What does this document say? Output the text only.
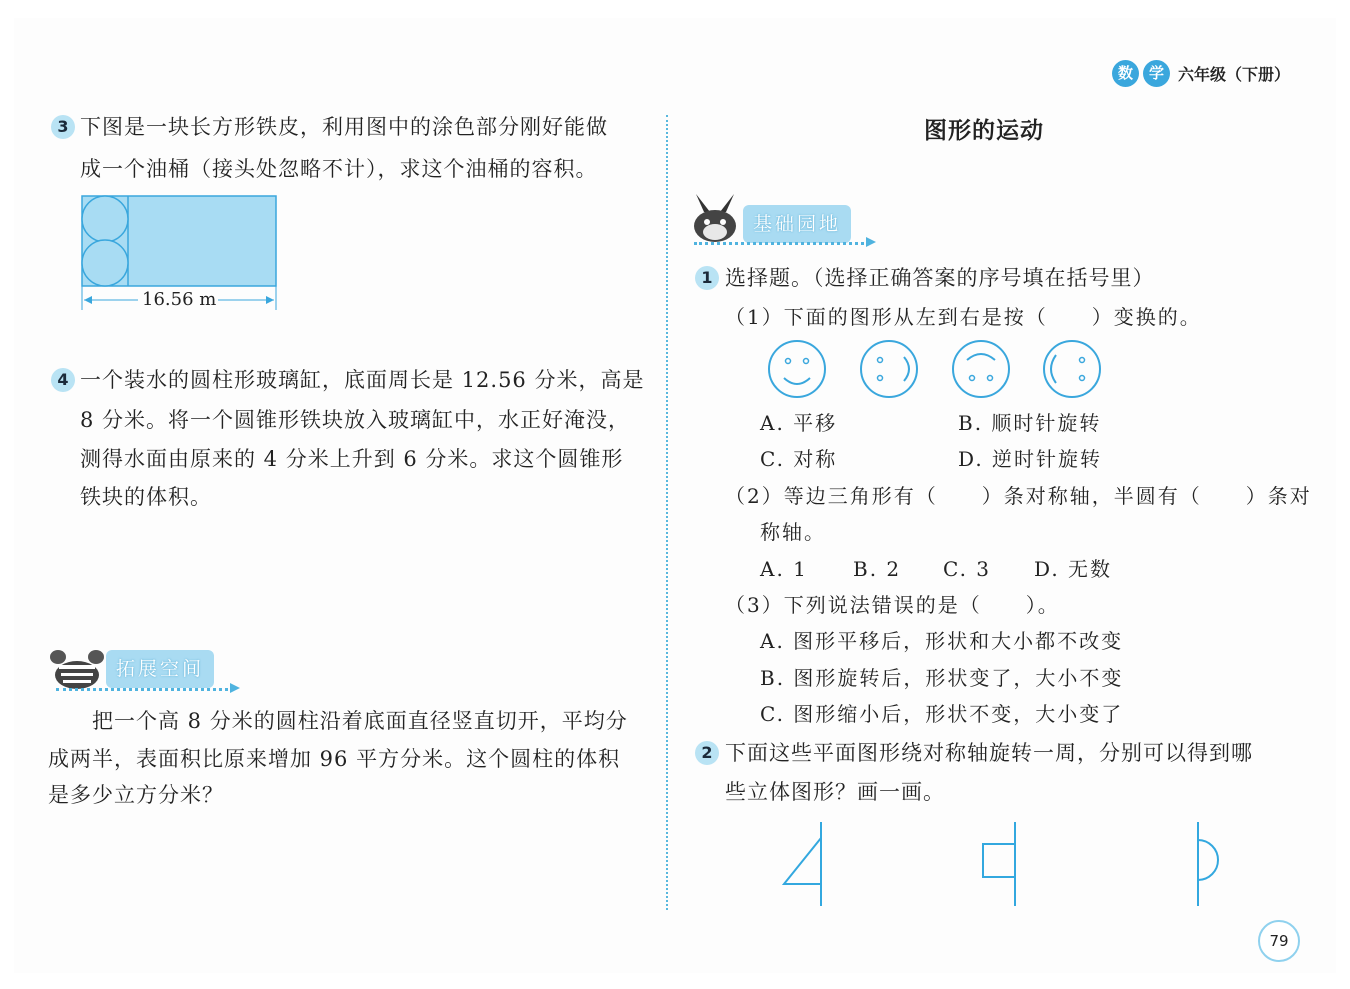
数	学 六年级（下册）
3 下图是一块长方形铁皮，利用图中的涂色部分刚好能做
成一个油桶（接头处忽略不计），求这个油桶的容积。
16.56 m
4 一个装水的圆柱形玻璃缸，底面周长是 12.56 分米，高是
8 分米。将一个圆锥形铁块放入玻璃缸中，水正好淹没，
测得水面由原来的 4 分米上升到 6 分米。求这个圆锥形
铁块的体积。
拓展空间
把一个高 8 分米的圆柱沿着底面直径竖直切开，平均分
成两半，表面积比原来增加 96 平方分米。这个圆柱的体积
是多少立方分米？
图形的运动
基础园地
1 选择题。（选择正确答案的序号填在括号里）
（1）下面的图形从左到右是按（　　）变换的。
A. 平移	B. 顺时针旋转
C. 对称	D. 逆时针旋转
（2）等边三角形有（　　）条对称轴，半圆有（　　）条对
称轴。
A. 1 B. 2 C. 3 D. 无数
（3）下列说法错误的是（　　）。
A. 图形平移后，形状和大小都不改变
B. 图形旋转后，形状变了，大小不变
C. 图形缩小后，形状不变，大小变了
2 下面这些平面图形绕对称轴旋转一周，分别可以得到哪
些立体图形？画一画。
79
